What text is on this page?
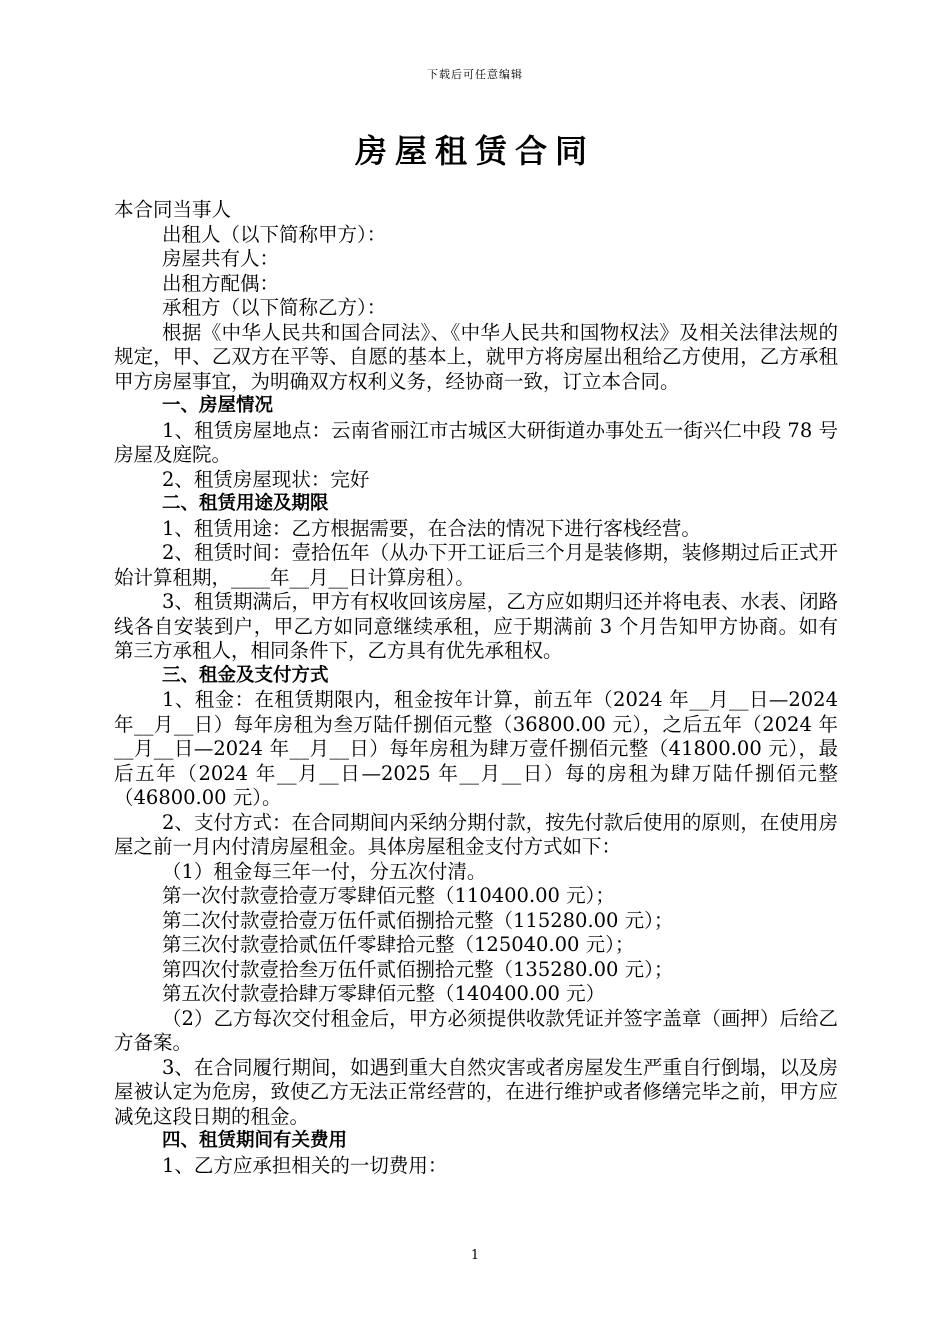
下载后可任意编辑
房屋租赁合同

本合同当事人

出租人（以下简称甲方）：

房屋共有人：

出租方配偶：

承租方（以下简称乙方）：

根据《中华人民共和国合同法》、《中华人民共和国物权法》及相关法律法规的规定，甲、乙双方在平等、自愿的基本上，就甲方将房屋出租给乙方使用，乙方承租甲方房屋事宜，为明确双方权利义务，经协商一致，订立本合同。

一、房屋情况

1、租赁房屋地点：云南省丽江市古城区大研街道办事处五一街兴仁中段 78 号房屋及庭院。

2、租赁房屋现状：完好

二、租赁用途及期限

1、租赁用途：乙方根据需要，在合法的情况下进行客栈经营。

2、租赁时间：壹拾伍年（从办下开工证后三个月是装修期，装修期过后正式开始计算租期，____年__月__日计算房租）。

3、租赁期满后，甲方有权收回该房屋，乙方应如期归还并将电表、水表、闭路线各自安装到户，甲乙方如同意继续承租，应于期满前 3 个月告知甲方协商。如有第三方承租人，相同条件下，乙方具有优先承租权。

三、租金及支付方式

1、租金：在租赁期限内，租金按年计算，前五年（2024 年__月__日—2024 年__月__日）每年房租为叁万陆仟捌佰元整（36800.00 元），之后五年（2024 年__月__日—2024 年__月__日）每年房租为肆万壹仟捌佰元整（41800.00 元），最后五年（2024 年__月__日—2025 年__月__日）每的房租为肆万陆仟捌佰元整（46800.00 元）。

2、支付方式：在合同期间内采纳分期付款，按先付款后使用的原则，在使用房屋之前一月内付清房屋租金。具体房屋租金支付方式如下：

（1）租金每三年一付，分五次付清。

第一次付款壹拾壹万零肆佰元整（110400.00 元）；

第二次付款壹拾壹万伍仟贰佰捌拾元整（115280.00 元）；

第三次付款壹拾贰伍仟零肆拾元整（125040.00 元）；

第四次付款壹拾叁万伍仟贰佰捌拾元整（135280.00 元）；

第五次付款壹拾肆万零肆佰元整（140400.00 元）

（2）乙方每次交付租金后，甲方必须提供收款凭证并签字盖章（画押）后给乙方备案。

3、在合同履行期间，如遇到重大自然灾害或者房屋发生严重自行倒塌，以及房屋被认定为危房，致使乙方无法正常经营的，在进行维护或者修缮完毕之前，甲方应减免这段日期的租金。

四、租赁期间有关费用

1、乙方应承担相关的一切费用：

1
